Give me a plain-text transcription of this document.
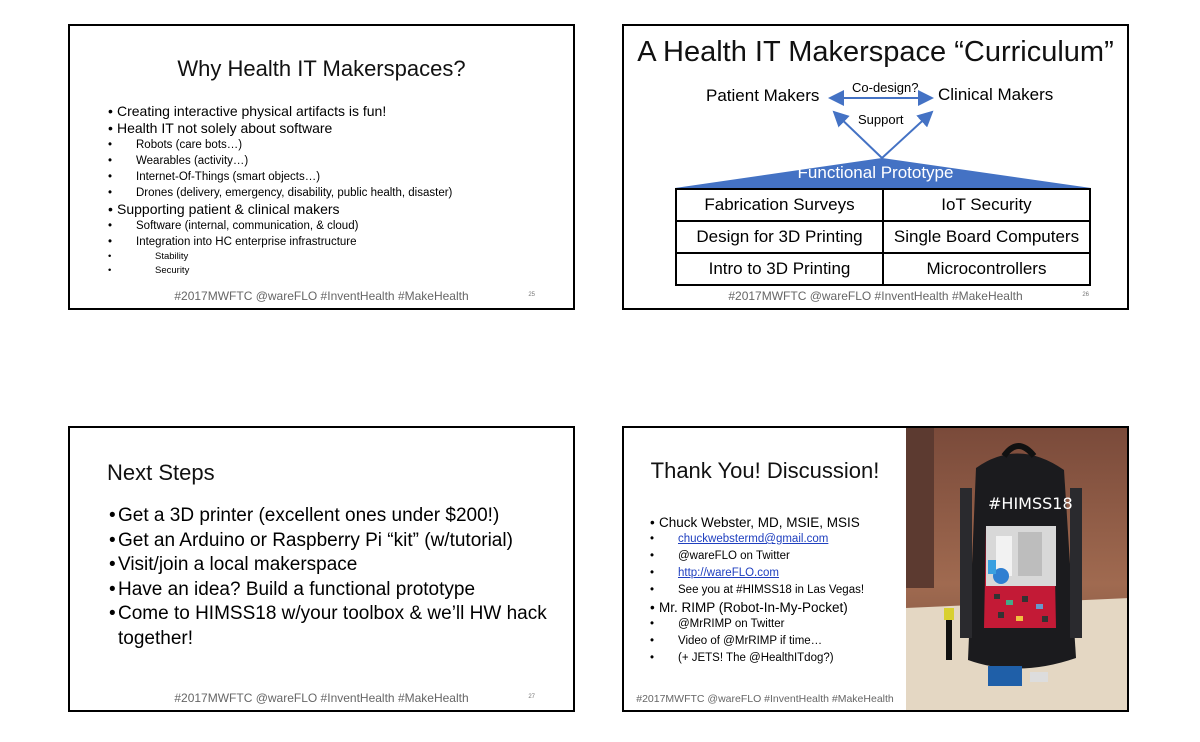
Why Health IT Makerspaces?
• Creating interactive physical artifacts is fun!
• Health IT not solely about software
• Robots (care bots…)
• Wearables (activity…)
• Internet-Of-Things (smart objects…)
• Drones (delivery, emergency, disability, public health, disaster)
• Supporting patient & clinical makers
• Software (internal, communication, & cloud)
• Integration into HC enterprise infrastructure
• Stability
• Security
#2017MWFTC @wareFLO #InventHealth #MakeHealth	25
A Health IT Makerspace “Curriculum”
Patient Makers	Clinical Makers
Co-design?
Support
Functional Prototype
Fabrication Surveys	IoT Security
Design for 3D Printing	Single Board Computers
Intro to 3D Printing	Microcontrollers
#2017MWFTC @wareFLO #InventHealth #MakeHealth	26
Next Steps
• Get a 3D printer (excellent ones under $200!)
• Get an Arduino or Raspberry Pi “kit” (w/tutorial)
• Visit/join a local makerspace
• Have an idea? Build a functional prototype
• Come to HIMSS18 w/your toolbox & we’ll HW hack together!
#2017MWFTC @wareFLO #InventHealth #MakeHealth	27
Thank You! Discussion!
• Chuck Webster, MD, MSIE, MSIS
• chuckwebstermd@gmail.com
• @wareFLO on Twitter
• http://wareFLO.com
• See you at #HIMSS18 in Las Vegas!
• Mr. RIMP (Robot-In-My-Pocket)
• @MrRIMP on Twitter
• Video of @MrRIMP if time…
• (+ JETS! The @HealthITdog?)
#2017MWFTC @wareFLO #InventHealth #MakeHealth
#HIMSS18
